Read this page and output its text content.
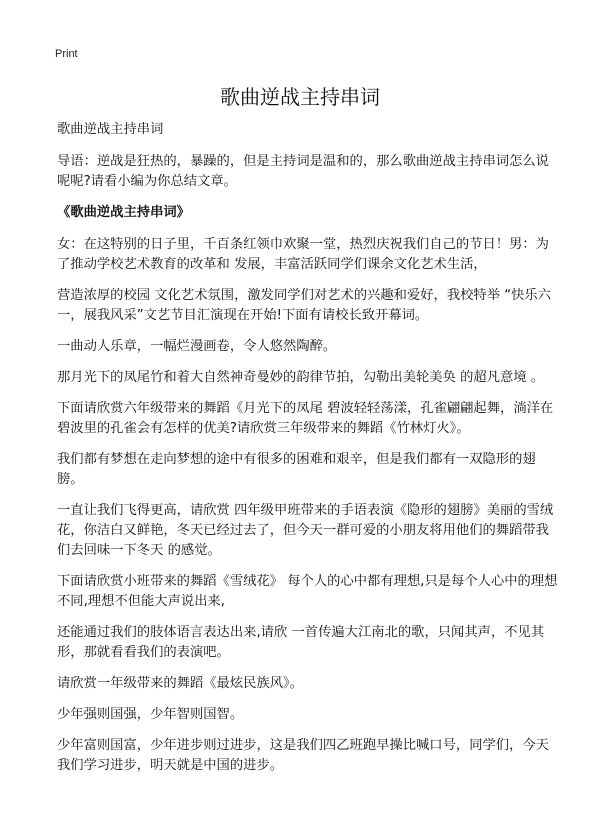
Print
歌曲逆战主持串词

歌曲逆战主持串词

导语：逆战是狂热的，暴躁的，但是主持词是温和的，那么歌曲逆战主持串词怎么说呢呢?请看小编为你总结文章。

《歌曲逆战主持串词》

女：在这特别的日子里，千百条红领巾欢聚一堂，热烈庆祝我们自己的节日！男：为了推动学校艺术教育的改革和 发展，丰富活跃同学们课余文化艺术生活，

营造浓厚的校园 文化艺术氛围，激发同学们对艺术的兴趣和爱好，我校特举 “快乐六一，展我风采”文艺节目汇演现在开始!下面有请校长致开幕词。

一曲动人乐章，一幅烂漫画卷，令人悠然陶醉。

那月光下的凤尾竹和着大自然神奇曼妙的韵律节拍，勾勒出美轮美奂 的超凡意境 。

下面请欣赏六年级带来的舞蹈《月光下的凤尾 碧波轻轻荡漾，孔雀翩翩起舞，淌洋在碧波里的孔雀会有怎样的优美?请欣赏三年级带来的舞蹈《竹林灯火》。

我们都有梦想在走向梦想的途中有很多的困难和艰辛，但是我们都有一双隐形的翅膀。

一直让我们飞得更高，请欣赏 四年级甲班带来的手语表演《隐形的翅膀》美丽的雪绒花，你洁白又鲜艳，冬天已经过去了，但今天一群可爱的小朋友将用他们的舞蹈带我们去回味一下冬天 的感觉。

下面请欣赏小班带来的舞蹈《雪绒花》 每个人的心中都有理想,只是每个人心中的理想不同,理想不但能大声说出来,

还能通过我们的肢体语言表达出来,请欣 一首传遍大江南北的歌，只闻其声，不见其形，那就看看我们的表演吧。

请欣赏一年级带来的舞蹈《最炫民族风》。

少年强则国强，少年智则国智。

少年富则国富，少年进步则过进步，这是我们四乙班跑早操比喊口号，同学们，今天 我们学习进步，明天就是中国的进步。
